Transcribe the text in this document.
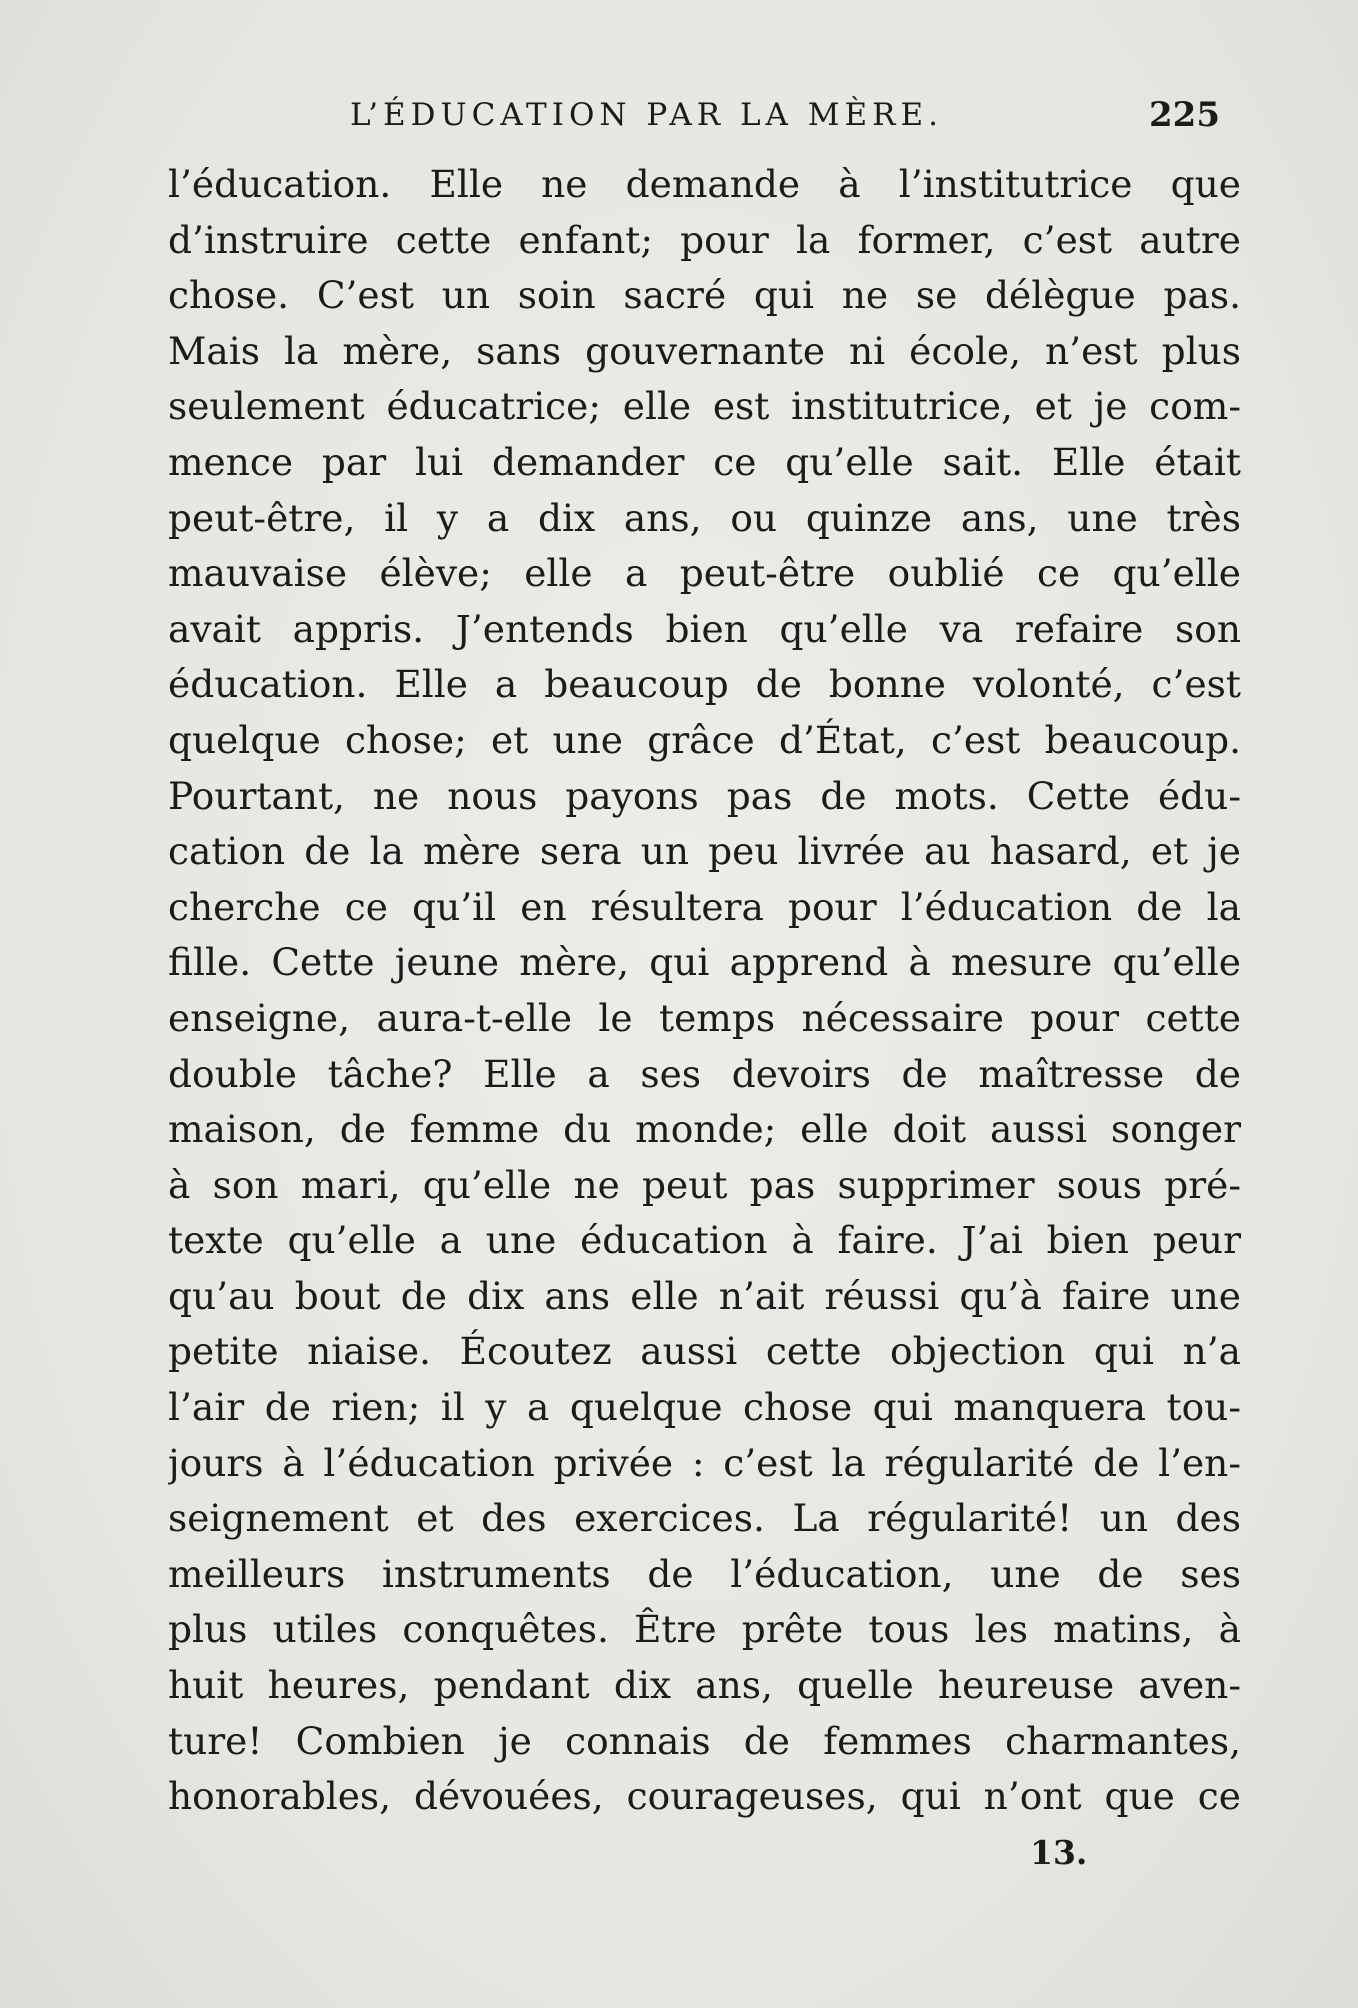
L’ÉDUCATION PAR LA MÈRE.	225
l’éducation. Elle ne demande à l’institutrice que
d’instruire cette enfant; pour la former, c’est autre
chose. C’est un soin sacré qui ne se délègue pas.
Mais la mère, sans gouvernante ni école, n’est plus
seulement éducatrice; elle est institutrice, et je com-
mence par lui demander ce qu’elle sait. Elle était
peut-être, il y a dix ans, ou quinze ans, une très
mauvaise élève; elle a peut-être oublié ce qu’elle
avait appris. J’entends bien qu’elle va refaire son
éducation. Elle a beaucoup de bonne volonté, c’est
quelque chose; et une grâce d’État, c’est beaucoup.
Pourtant, ne nous payons pas de mots. Cette édu-
cation de la mère sera un peu livrée au hasard, et je
cherche ce qu’il en résultera pour l’éducation de la
fille. Cette jeune mère, qui apprend à mesure qu’elle
enseigne, aura-t-elle le temps nécessaire pour cette
double tâche? Elle a ses devoirs de maîtresse de
maison, de femme du monde; elle doit aussi songer
à son mari, qu’elle ne peut pas supprimer sous pré-
texte qu’elle a une éducation à faire. J’ai bien peur
qu’au bout de dix ans elle n’ait réussi qu’à faire une
petite niaise. Écoutez aussi cette objection qui n’a
l’air de rien; il y a quelque chose qui manquera tou-
jours à l’éducation privée : c’est la régularité de l’en-
seignement et des exercices. La régularité! un des
meilleurs instruments de l’éducation, une de ses
plus utiles conquêtes. Être prête tous les matins, à
huit heures, pendant dix ans, quelle heureuse aven-
ture! Combien je connais de femmes charmantes,
honorables, dévouées, courageuses, qui n’ont que ce
13.
